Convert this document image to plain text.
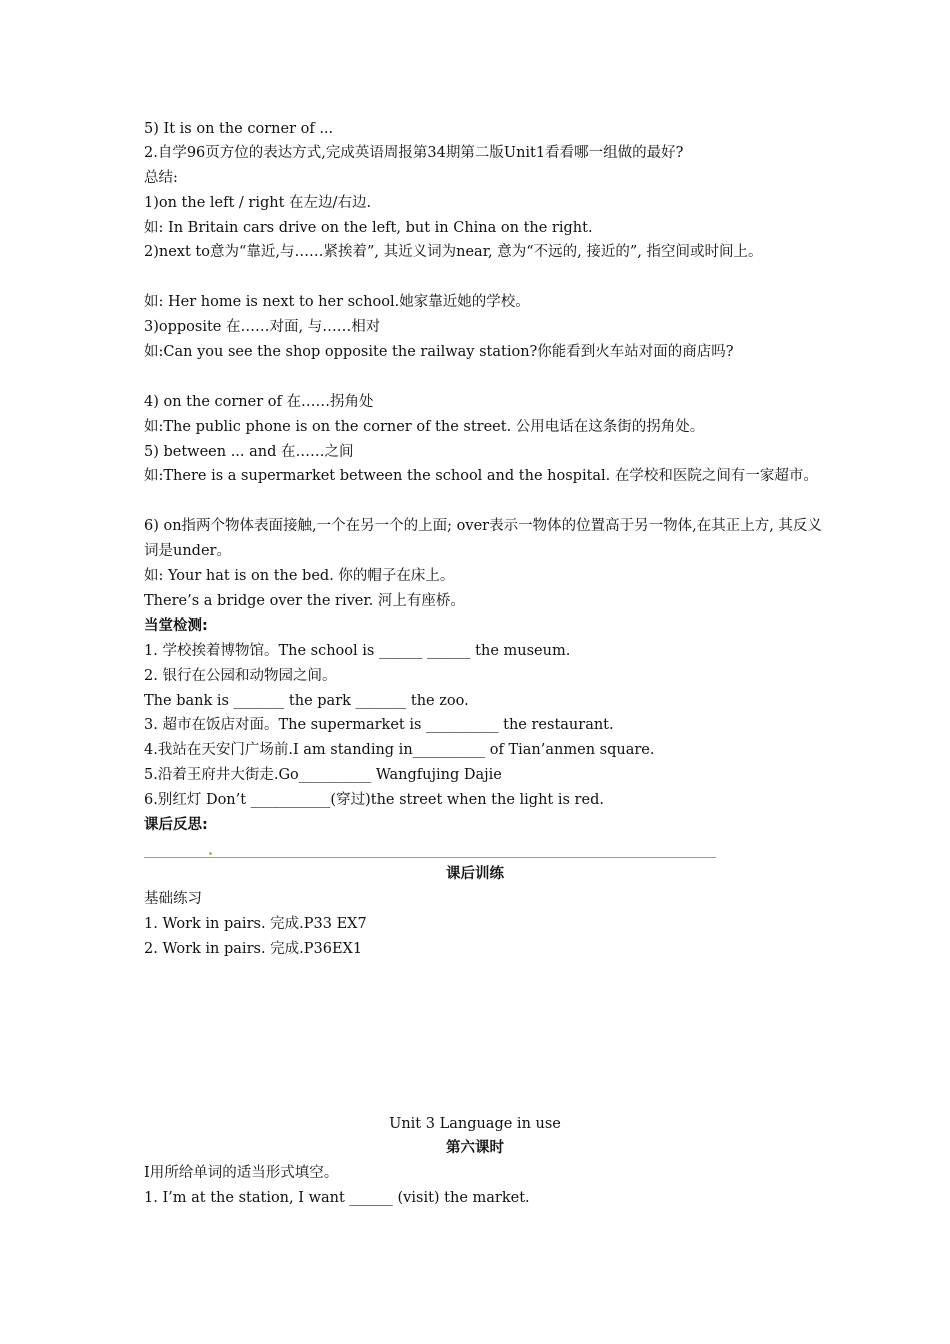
5) It is on the corner of ...
2.自学96页方位的表达方式,完成英语周报第34期第二版Unit1看看哪一组做的最好?
总结:
1)on the left / right 在左边/右边.
如: In Britain cars drive on the left, but in China on the right.
2)next to意为“靠近,与……紧挨着”, 其近义词为near, 意为“不远的, 接近的”, 指空间或时间上。
如: Her home is next to her school.她家靠近她的学校。
3)opposite 在……对面, 与……相对
如:Can you see the shop opposite the railway station?你能看到火车站对面的商店吗?
4) on the corner of 在……拐角处
如:The public phone is on the corner of the street. 公用电话在这条街的拐角处。
5) between ... and 在……之间
如:There is a supermarket between the school and the hospital. 在学校和医院之间有一家超市。
6) on指两个物体表面接触,一个在另一个的上面; over表示一物体的位置高于另一物体,在其正上方, 其反义词是under。
如: Your hat is on the bed. 你的帽子在床上。
There’s a bridge over the river. 河上有座桥。
当堂检测:
1. 学校挨着博物馆。The school is ______ ______ the museum.
2. 银行在公园和动物园之间。
The bank is _______ the park _______ the zoo.
3. 超市在饭店对面。The supermarket is __________ the restaurant.
4.我站在天安门广场前.I am standing in__________ of Tian’anmen square.
5.沿着王府井大街走.Go__________ Wangfujing Dajie
6.别红灯 Don’t ___________(穿过)the street when the light is red.
课后反思:
课后训练
基础练习
1. Work in pairs. 完成.P33 EX7
2. Work in pairs. 完成.P36EX1
Unit 3 Language in use
第六课时
I用所给单词的适当形式填空。
1. I’m at the station, I want ______ (visit) the market.
